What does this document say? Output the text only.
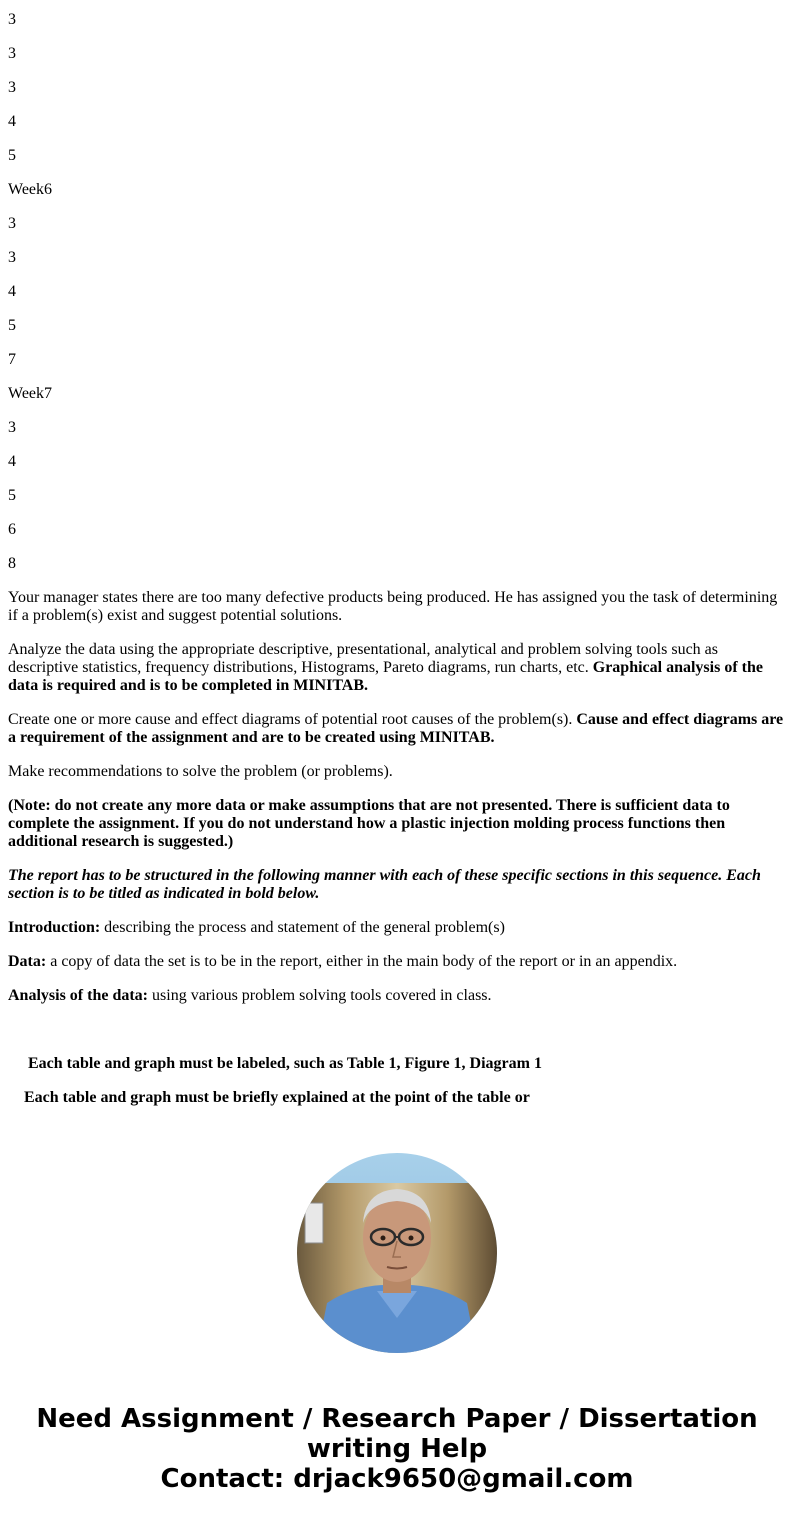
3

3

3

4

5

Week6

3

3

4

5

7

Week7

3

4

5

6

8

Your manager states there are too many defective products being produced. He has assigned you the task of determining if a problem(s) exist and suggest potential solutions.

Analyze the data using the appropriate descriptive, presentational, analytical and problem solving tools such as descriptive statistics, frequency distributions, Histograms, Pareto diagrams, run charts, etc. Graphical analysis of the data is required and is to be completed in MINITAB.

Create one or more cause and effect diagrams of potential root causes of the problem(s). Cause and effect diagrams are a requirement of the assignment and are to be created using MINITAB.

Make recommendations to solve the problem (or problems).

(Note: do not create any more data or make assumptions that are not presented. There is sufficient data to complete the assignment. If you do not understand how a plastic injection molding process functions then additional research is suggested.)

The report has to be structured in the following manner with each of these specific sections in this sequence. Each section is to be titled as indicated in bold below.

Introduction: describing the process and statement of the general problem(s)

Data: a copy of data the set is to be in the report, either in the main body of the report or in an appendix.

Analysis of the data: using various problem solving tools covered in class.

Each table and graph must be labeled, such as Table 1, Figure 1, Diagram 1

Each table and graph must be briefly explained at the point of the table or

Need Assignment / Research Paper / Dissertation
writing Help
Contact: drjack9650@gmail.com
